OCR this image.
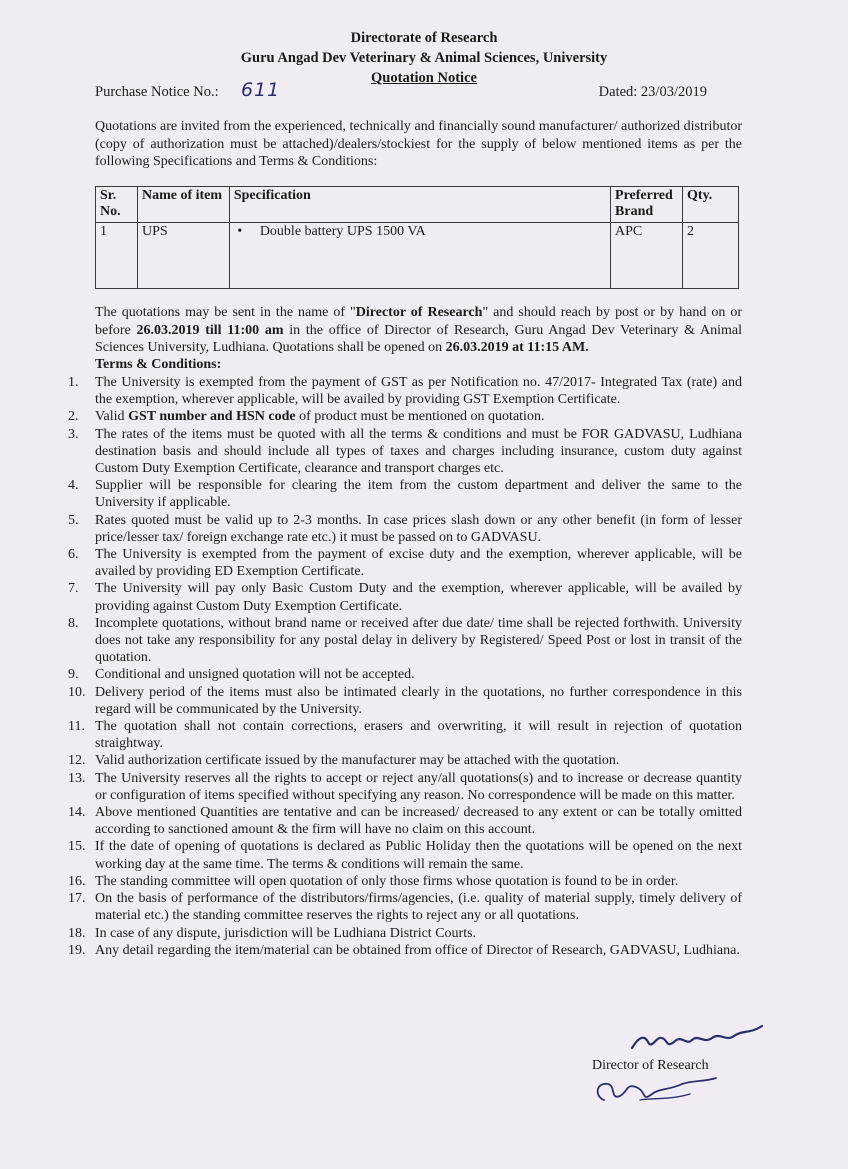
Directorate of Research
Guru Angad Dev Veterinary & Animal Sciences, University
Quotation Notice
Purchase Notice No.: 611	Dated: 23/03/2019
Quotations are invited from the experienced, technically and financially sound manufacturer/ authorized distributor (copy of authorization must be attached)/dealers/stockiest for the supply of below mentioned items as per the following Specifications and Terms & Conditions:
Sr. No.	Name of item	Specification	Preferred Brand	Qty.
1	UPS	• Double battery UPS 1500 VA	APC	2
The quotations may be sent in the name of "Director of Research" and should reach by post or by hand on or before 26.03.2019 till 11:00 am in the office of Director of Research, Guru Angad Dev Veterinary & Animal Sciences University, Ludhiana. Quotations shall be opened on 26.03.2019 at 11:15 AM.
Terms & Conditions:
1.	The University is exempted from the payment of GST as per Notification no. 47/2017- Integrated Tax (rate) and the exemption, wherever applicable, will be availed by providing GST Exemption Certificate.
2.	Valid GST number and HSN code of product must be mentioned on quotation.
3.	The rates of the items must be quoted with all the terms & conditions and must be FOR GADVASU, Ludhiana destination basis and should include all types of taxes and charges including insurance, custom duty against Custom Duty Exemption Certificate, clearance and transport charges etc.
4.	Supplier will be responsible for clearing the item from the custom department and deliver the same to the University if applicable.
5.	Rates quoted must be valid up to 2-3 months. In case prices slash down or any other benefit (in form of lesser price/lesser tax/ foreign exchange rate etc.) it must be passed on to GADVASU.
6.	The University is exempted from the payment of excise duty and the exemption, wherever applicable, will be availed by providing ED Exemption Certificate.
7.	The University will pay only Basic Custom Duty and the exemption, wherever applicable, will be availed by providing against Custom Duty Exemption Certificate.
8.	Incomplete quotations, without brand name or received after due date/ time shall be rejected forthwith. University does not take any responsibility for any postal delay in delivery by Registered/ Speed Post or lost in transit of the quotation.
9.	Conditional and unsigned quotation will not be accepted.
10. Delivery period of the items must also be intimated clearly in the quotations, no further correspondence in this regard will be communicated by the University.
11. The quotation shall not contain corrections, erasers and overwriting, it will result in rejection of quotation straightway.
12. Valid authorization certificate issued by the manufacturer may be attached with the quotation.
13. The University reserves all the rights to accept or reject any/all quotations(s) and to increase or decrease quantity or configuration of items specified without specifying any reason. No correspondence will be made on this matter.
14. Above mentioned Quantities are tentative and can be increased/ decreased to any extent or can be totally omitted according to sanctioned amount & the firm will have no claim on this account.
15. If the date of opening of quotations is declared as Public Holiday then the quotations will be opened on the next working day at the same time. The terms & conditions will remain the same.
16. The standing committee will open quotation of only those firms whose quotation is found to be in order.
17. On the basis of performance of the distributors/firms/agencies, (i.e. quality of material supply, timely delivery of material etc.) the standing committee reserves the rights to reject any or all quotations.
18. In case of any dispute, jurisdiction will be Ludhiana District Courts.
19. Any detail regarding the item/material can be obtained from office of Director of Research, GADVASU, Ludhiana.
Director of Research
